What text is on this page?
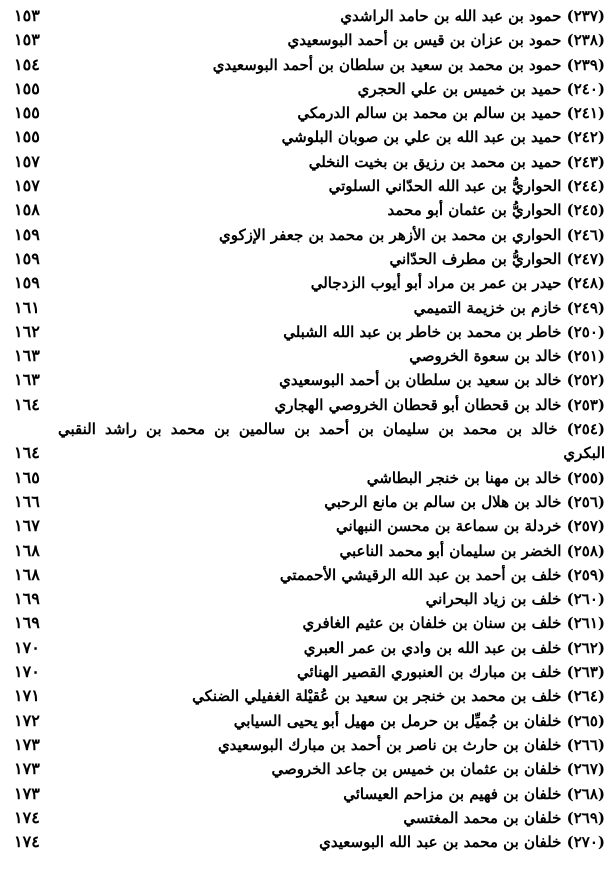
(٢٣٧) حمود بن عبد الله بن حامد الراشدي
١٥٣
(٢٣٨) حمود بن عزان بن قيس بن أحمد البوسعيدي
١٥٣
(٢٣٩) حمود بن محمد بن سعيد بن سلطان بن أحمد البوسعيدي
١٥٤
(٢٤٠) حميد بن خميس بن علي الحجري
١٥٥
(٢٤١) حميد بن سالم بن محمد بن سالم الدرمكي
١٥٥
(٢٤٢) حميد بن عبد الله بن علي بن صوبان البلوشي
١٥٥
(٢٤٣) حميد بن محمد بن رزيق بن بخيت النخلي
١٥٧
(٢٤٤) الحواريُّ بن عبد الله الحدّاني السلوتي
١٥٧
(٢٤٥) الحواريُّ بن عثمان أبو محمد
١٥٨
(٢٤٦) الحواري بن محمد بن الأزهر بن محمد بن جعفر الإزكوي
١٥٩
(٢٤٧) الحواريُّ بن مطرف الحدّاني
١٥٩
(٢٤٨) حيدر بن عمر بن مراد أبو أيوب الزدجالي
١٥٩
(٢٤٩) خازم بن خزيمة التميمي
١٦١
(٢٥٠) خاطر بن محمد بن خاطر بن عبد الله الشبلي
١٦٢
(٢٥١) خالد بن سعوة الخروصي
١٦٣
(٢٥٢) خالد بن سعيد بن سلطان بن أحمد البوسعيدي
١٦٣
(٢٥٣) خالد بن قحطان أبو قحطان الخروصي الهجاري
١٦٤
(٢٥٤) خالد بن محمد بن سليمان بن أحمد بن سالمين بن محمد بن راشد النقبي
البكري
١٦٤
(٢٥٥) خالد بن مهنا بن خنجر البطاشي
١٦٥
(٢٥٦) خالد بن هلال بن سالم بن مانع الرحبي
١٦٦
(٢٥٧) خردلة بن سماعة بن محسن النبهاني
١٦٧
(٢٥٨) الخضر بن سليمان أبو محمد الناعبي
١٦٨
(٢٥٩) خلف بن أحمد بن عبد الله الرقيشي الأحممتي
١٦٨
(٢٦٠) خلف بن زياد البحراني
١٦٩
(٢٦١) خلف بن سنان بن خلفان بن عثيم الغافري
١٦٩
(٢٦٢) خلف بن عبد الله بن وادي بن عمر العبري
١٧٠
(٢٦٣) خلف بن مبارك بن العنبوري القصير الهنائي
١٧٠
(٢٦٤) خلف بن محمد بن خنجر بن سعيد بن عُقيْلة الغفيلي الضنكي
١٧١
(٢٦٥) خلفان بن جُميِّل بن حرمل بن مهيل أبو يحيى السيابي
١٧٢
(٢٦٦) خلفان بن حارث بن ناصر بن أحمد بن مبارك البوسعيدي
١٧٣
(٢٦٧) خلفان بن عثمان بن خميس بن جاعد الخروصي
١٧٣
(٢٦٨) خلفان بن فهيم بن مزاحم العيسائي
١٧٣
(٢٦٩) خلفان بن محمد المغتسي
١٧٤
(٢٧٠) خلفان بن محمد بن عبد الله البوسعيدي
١٧٤
